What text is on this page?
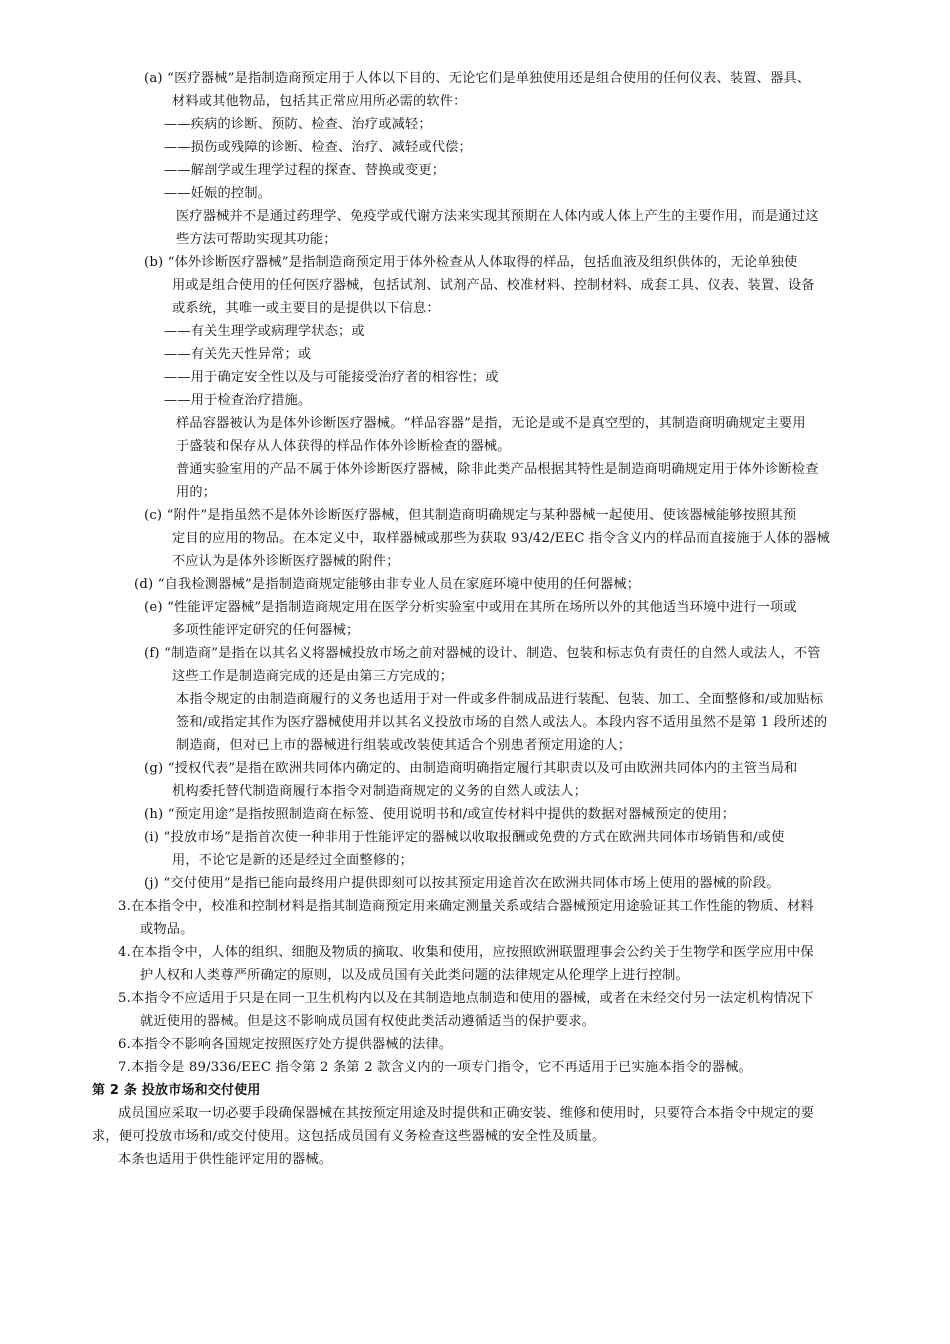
(a) “医疗器械”是指制造商预定用于人体以下目的、无论它们是单独使用还是组合使用的任何仪表、装置、器具、
材料或其他物品，包括其正常应用所必需的软件：
——疾病的诊断、预防、检查、治疗或减轻；
——损伤或残障的诊断、检查、治疗、减轻或代偿；
——解剖学或生理学过程的探查、替换或变更；
——妊娠的控制。
医疗器械并不是通过药理学、免疫学或代谢方法来实现其预期在人体内或人体上产生的主要作用，而是通过这
些方法可帮助实现其功能；
(b) “体外诊断医疗器械”是指制造商预定用于体外检查从人体取得的样品，包括血液及组织供体的，无论单独使
用或是组合使用的任何医疗器械，包括试剂、试剂产品、校准材料、控制材料、成套工具、仪表、装置、设备
或系统，其唯一或主要目的是提供以下信息：
——有关生理学或病理学状态；或
——有关先天性异常；或
——用于确定安全性以及与可能接受治疗者的相容性；或
——用于检查治疗措施。
样品容器被认为是体外诊断医疗器械。“样品容器”是指，无论是或不是真空型的，其制造商明确规定主要用
于盛装和保存从人体获得的样品作体外诊断检查的器械。
普通实验室用的产品不属于体外诊断医疗器械，除非此类产品根据其特性是制造商明确规定用于体外诊断检查
用的；
(c) “附件”是指虽然不是体外诊断医疗器械，但其制造商明确规定与某种器械一起使用、使该器械能够按照其预
定目的应用的物品。在本定义中，取样器械或那些为获取 93/42/EEC 指令含义内的样品而直接施于人体的器械
不应认为是体外诊断医疗器械的附件；
(d) “自我检测器械”是指制造商规定能够由非专业人员在家庭环境中使用的任何器械；
(e) “性能评定器械”是指制造商规定用在医学分析实验室中或用在其所在场所以外的其他适当环境中进行一项或
多项性能评定研究的任何器械；
(f) “制造商”是指在以其名义将器械投放市场之前对器械的设计、制造、包装和标志负有责任的自然人或法人，不管
这些工作是制造商完成的还是由第三方完成的；
本指令规定的由制造商履行的义务也适用于对一件或多件制成品进行装配、包装、加工、全面整修和/或加贴标
签和/或指定其作为医疗器械使用并以其名义投放市场的自然人或法人。本段内容不适用虽然不是第 1 段所述的
制造商，但对已上市的器械进行组装或改装使其适合个别患者预定用途的人；
(g) “授权代表”是指在欧洲共同体内确定的、由制造商明确指定履行其职责以及可由欧洲共同体内的主管当局和
机构委托替代制造商履行本指令对制造商规定的义务的自然人或法人；
(h) “预定用途”是指按照制造商在标签、使用说明书和/或宣传材料中提供的数据对器械预定的使用；
(i) “投放市场”是指首次使一种非用于性能评定的器械以收取报酬或免费的方式在欧洲共同体市场销售和/或使
用，不论它是新的还是经过全面整修的；
(j) “交付使用”是指已能向最终用户提供即刻可以按其预定用途首次在欧洲共同体市场上使用的器械的阶段。
3.在本指令中，校准和控制材料是指其制造商预定用来确定测量关系或结合器械预定用途验证其工作性能的物质、材料
或物品。
4.在本指令中，人体的组织、细胞及物质的摘取、收集和使用，应按照欧洲联盟理事会公约关于生物学和医学应用中保
护人权和人类尊严所确定的原则，以及成员国有关此类问题的法律规定从伦理学上进行控制。
5.本指令不应适用于只是在同一卫生机构内以及在其制造地点制造和使用的器械，或者在未经交付另一法定机构情况下
就近使用的器械。但是这不影响成员国有权使此类活动遵循适当的保护要求。
6.本指令不影响各国规定按照医疗处方提供器械的法律。
7.本指令是 89/336/EEC 指令第 2 条第 2 款含义内的一项专门指令，它不再适用于已实施本指令的器械。
第 2 条 投放市场和交付使用
成员国应采取一切必要手段确保器械在其按预定用途及时提供和正确安装、维修和使用时，只要符合本指令中规定的要
求，便可投放市场和/或交付使用。这包括成员国有义务检查这些器械的安全性及质量。
本条也适用于供性能评定用的器械。
